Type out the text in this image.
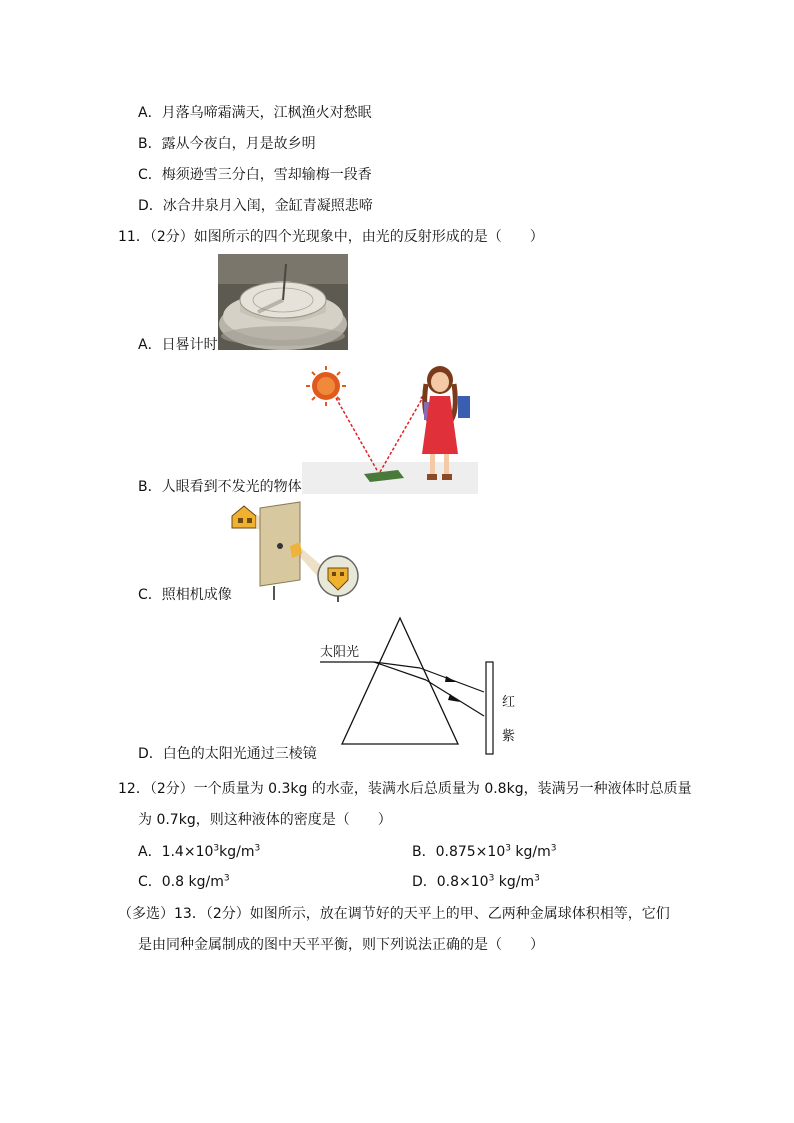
A．月落乌啼霜满天，江枫渔火对愁眠
B．露从今夜白，月是故乡明
C．梅须逊雪三分白，雪却输梅一段香
D．冰合井泉月入闺，金缸青凝照悲啼
11．（2分）如图所示的四个光现象中，由光的反射形成的是（　　）
A．日晷计时
B．人眼看到不发光的物体
C．照相机成像
太阳光
红
紫
D．白色的太阳光通过三棱镜
12．（2分）一个质量为 0.3kg 的水壶，装满水后总质量为 0.8kg，装满另一种液体时总质量
为 0.7kg，则这种液体的密度是（　　）
A．$1.4\times 10^3kg/m^3$	B．$0.875\times 10^3$ $kg/m^3$
C．0.8 $kg/m^3$	D．$0.8\times 10^3$ $kg/m^3$
（多选）13．（2分）如图所示，放在调节好的天平上的甲、乙两种金属球体积相等，它们
是由同种金属制成的图中天平平衡，则下列说法正确的是（　　）
